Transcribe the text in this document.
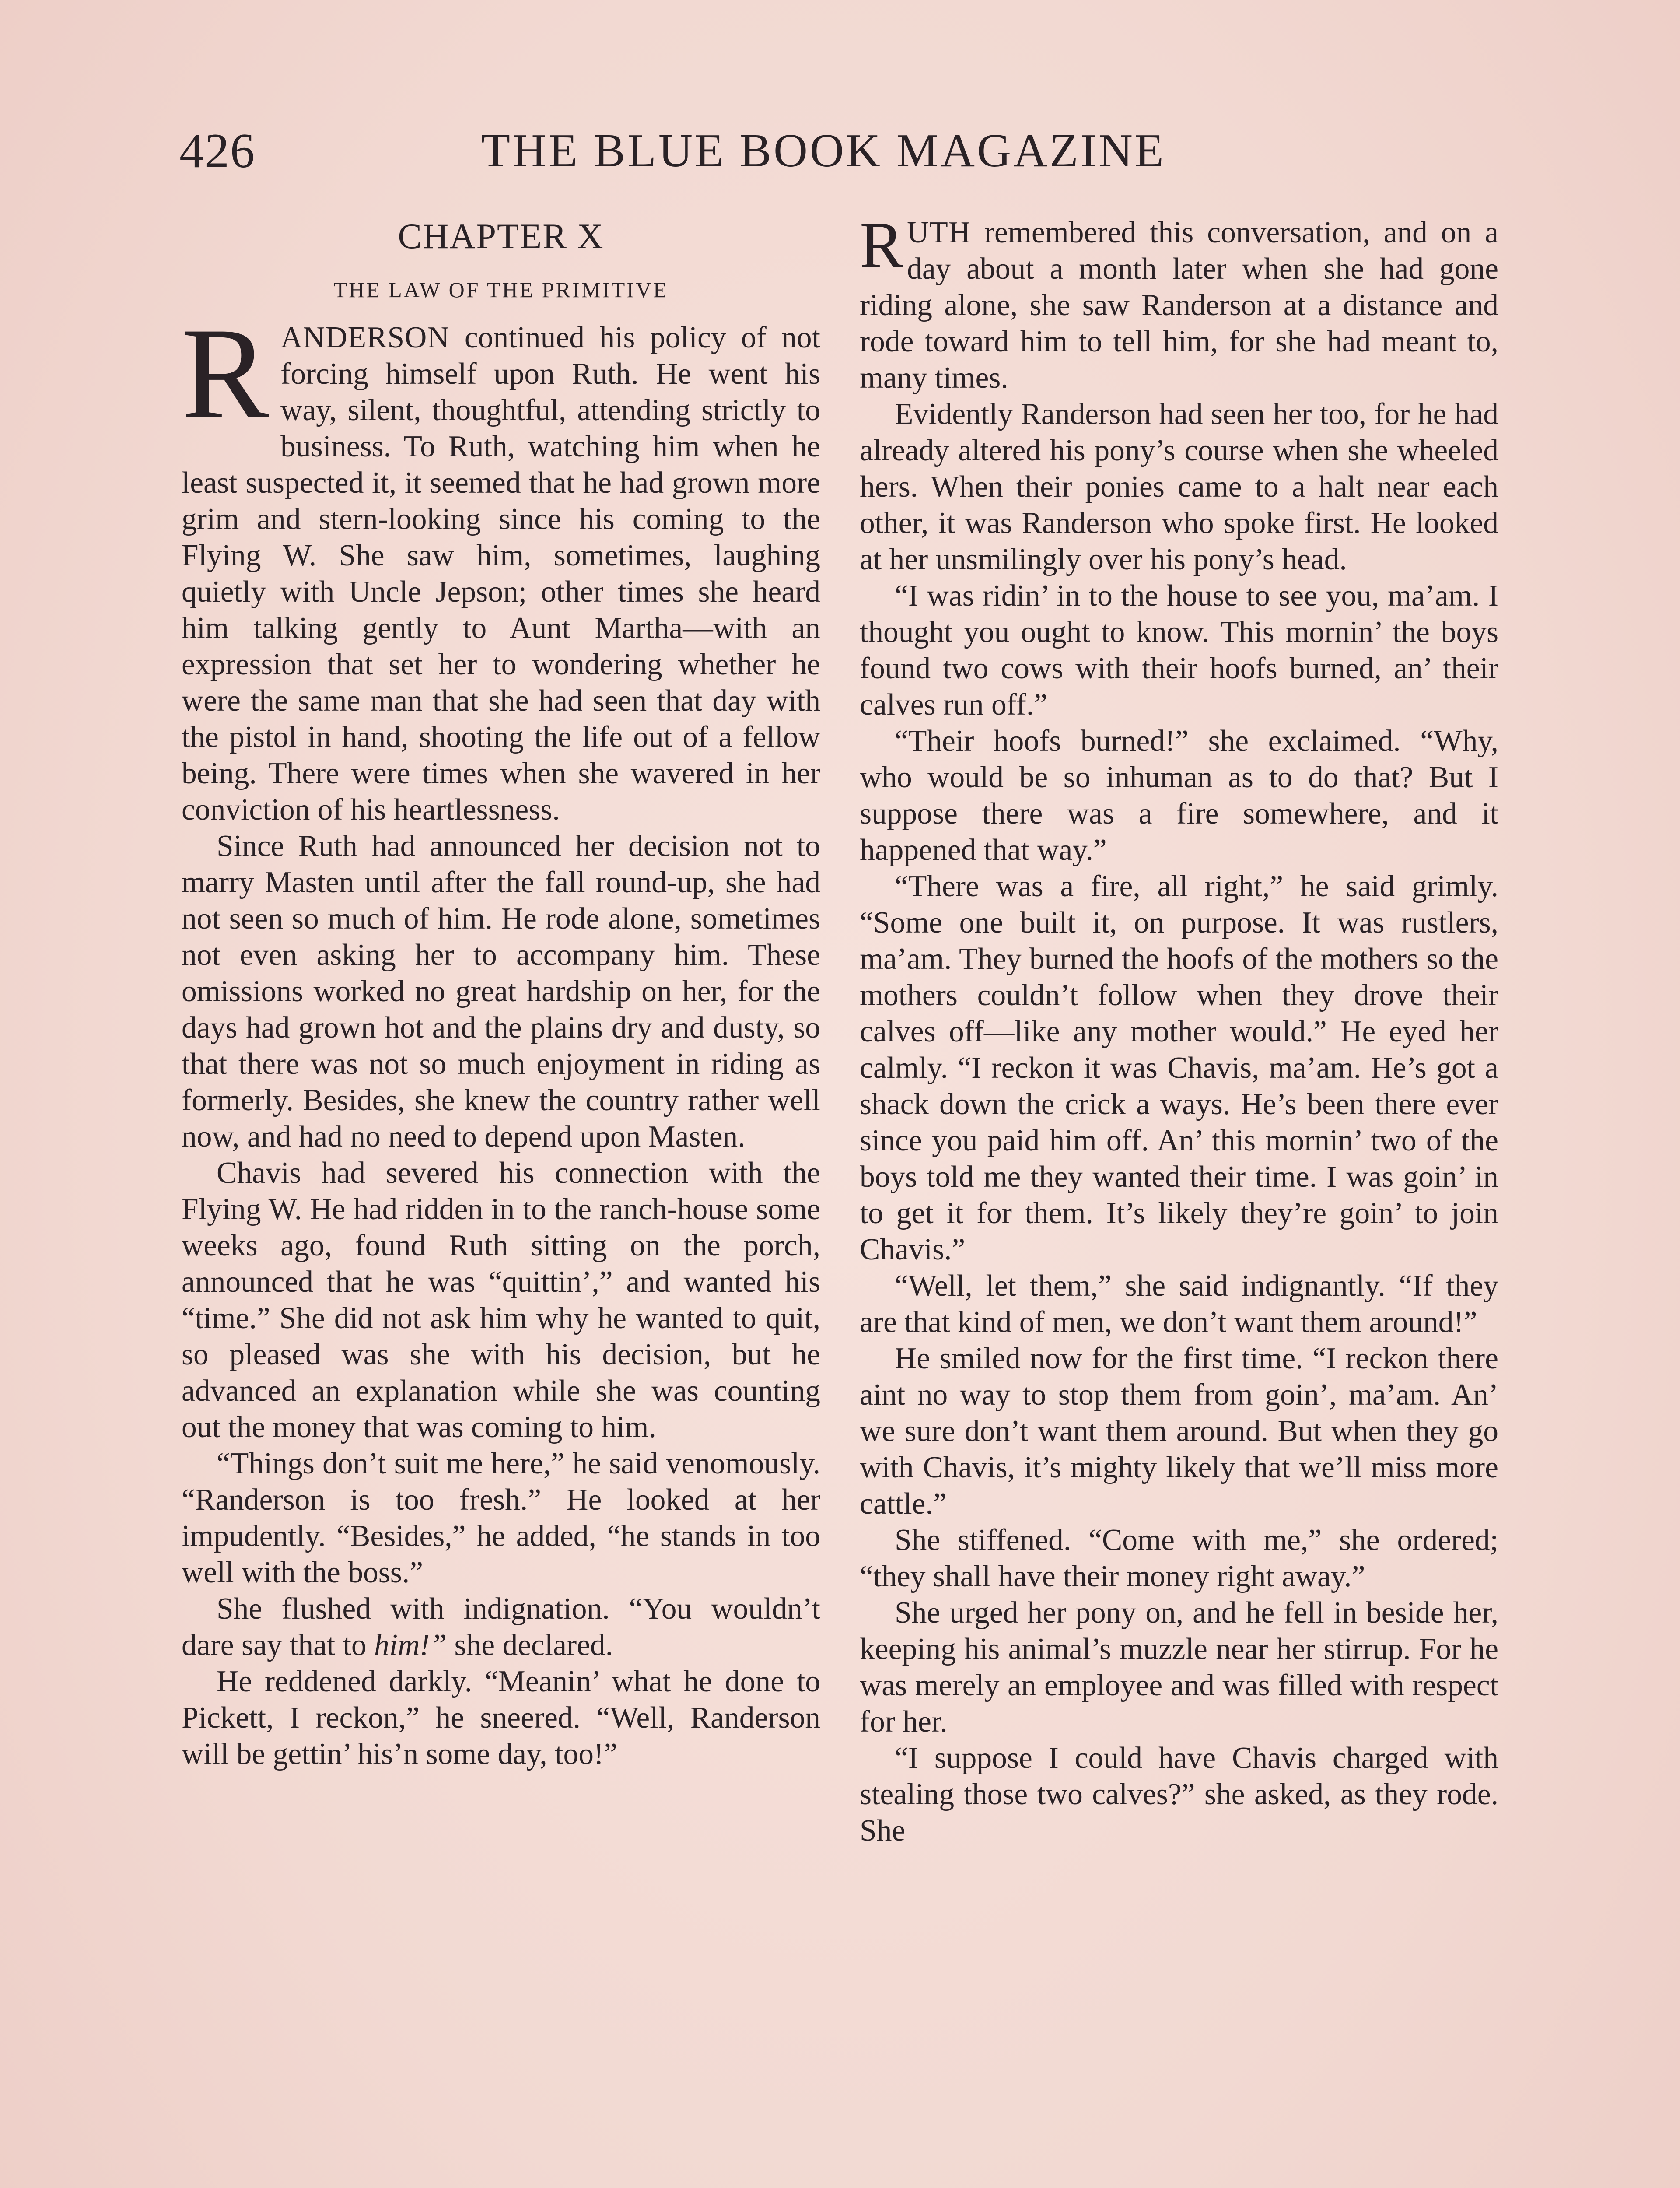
426	THE BLUE BOOK MAGAZINE
CHAPTER X
THE LAW OF THE PRIMITIVE

RANDERSON continued his policy of not forcing himself upon Ruth. He went his way, silent, thoughtful, attending strictly to business. To Ruth, watching him when he least suspected it, it seemed that he had grown more grim and stern-looking since his coming to the Flying W. She saw him, sometimes, laughing quietly with Uncle Jepson; other times she heard him talking gently to Aunt Martha—with an expression that set her to wondering whether he were the same man that she had seen that day with the pistol in hand, shooting the life out of a fellow being. There were times when she wavered in her conviction of his heartlessness.

Since Ruth had announced her decision not to marry Masten until after the fall round-up, she had not seen so much of him. He rode alone, sometimes not even asking her to accompany him. These omissions worked no great hardship on her, for the days had grown hot and the plains dry and dusty, so that there was not so much enjoyment in riding as formerly. Besides, she knew the country rather well now, and had no need to depend upon Masten.

Chavis had severed his connection with the Flying W. He had ridden in to the ranch-house some weeks ago, found Ruth sitting on the porch, announced that he was “quittin’,” and wanted his “time.” She did not ask him why he wanted to quit, so pleased was she with his decision, but he advanced an explanation while she was counting out the money that was coming to him.

“Things don’t suit me here,” he said venomously. “Randerson is too fresh.” He looked at her impudently. “Besides,” he added, “he stands in too well with the boss.”

She flushed with indignation. “You wouldn’t dare say that to him!” she declared.

He reddened darkly. “Meanin’ what he done to Pickett, I reckon,” he sneered. “Well, Randerson will be gettin’ his’n some day, too!”

RUTH remembered this conversation, and on a day about a month later when she had gone riding alone, she saw Randerson at a distance and rode toward him to tell him, for she had meant to, many times.

Evidently Randerson had seen her too, for he had already altered his pony’s course when she wheeled hers. When their ponies came to a halt near each other, it was Randerson who spoke first. He looked at her unsmilingly over his pony’s head.

“I was ridin’ in to the house to see you, ma’am. I thought you ought to know. This mornin’ the boys found two cows with their hoofs burned, an’ their calves run off.”

“Their hoofs burned!” she exclaimed. “Why, who would be so inhuman as to do that? But I suppose there was a fire somewhere, and it happened that way.”

“There was a fire, all right,” he said grimly. “Some one built it, on purpose. It was rustlers, ma’am. They burned the hoofs of the mothers so the mothers couldn’t follow when they drove their calves off—like any mother would.” He eyed her calmly. “I reckon it was Chavis, ma’am. He’s got a shack down the crick a ways. He’s been there ever since you paid him off. An’ this mornin’ two of the boys told me they wanted their time. I was goin’ in to get it for them. It’s likely they’re goin’ to join Chavis.”

“Well, let them,” she said indignantly. “If they are that kind of men, we don’t want them around!”

He smiled now for the first time. “I reckon there aint no way to stop them from goin’, ma’am. An’ we sure don’t want them around. But when they go with Chavis, it’s mighty likely that we’ll miss more cattle.”

She stiffened. “Come with me,” she ordered; “they shall have their money right away.”

She urged her pony on, and he fell in beside her, keeping his animal’s muzzle near her stirrup. For he was merely an employee and was filled with respect for her.

“I suppose I could have Chavis charged with stealing those two calves?” she asked, as they rode. She
